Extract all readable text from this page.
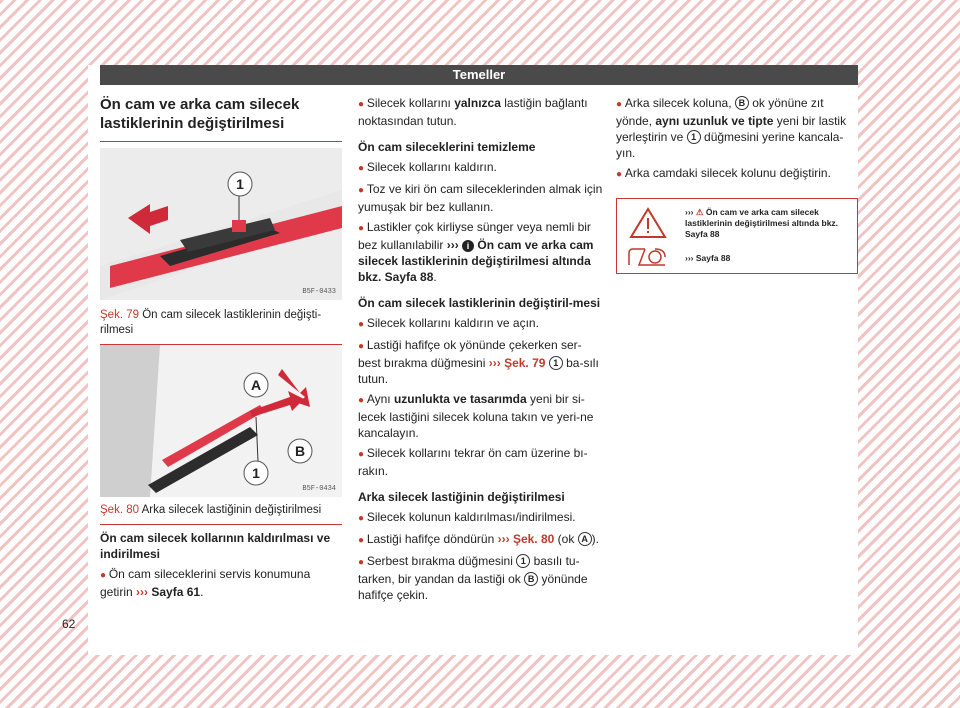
Temeller
Ön cam ve arka cam silecek lastiklerinin değiştirilmesi
1
B5F-0433
Şek. 79 Ön cam silecek lastiklerinin değişti-rilmesi
A
B
1
B5F-0434
Şek. 80 Arka silecek lastiğinin değiştirilmesi
Ön cam silecek kollarının kaldırılması ve indirilmesi
● Ön cam sileceklerini servis konumuna getirin ››› Sayfa 61.
● Silecek kollarını yalnızca lastiğin bağlantı noktasından tutun.
Ön cam sileceklerini temizleme
● Silecek kollarını kaldırın.
● Toz ve kiri ön cam sileceklerinden almak için yumuşak bir bez kullanın.
● Lastikler çok kirliyse sünger veya nemli bir bez kullanılabilir ››› i Ön cam ve arka cam silecek lastiklerinin değiştirilmesi altında bkz. Sayfa 88.
Ön cam silecek lastiklerinin değiştiril-mesi
● Silecek kollarını kaldırın ve açın.
● Lastiği hafifçe ok yönünde çekerken ser-best bırakma düğmesini ››› Şek. 79 1 ba-sılı tutun.
● Aynı uzunlukta ve tasarımda yeni bir si-lecek lastiğini silecek koluna takın ve yeri-ne kancalayın.
● Silecek kollarını tekrar ön cam üzerine bı-rakın.
Arka silecek lastiğinin değiştirilmesi
● Silecek kolunun kaldırılması/indirilmesi.
● Lastiği hafifçe döndürün ››› Şek. 80 (ok A ).
● Serbest bırakma düğmesini 1 basılı tu-tarken, bir yandan da lastiği ok B yönünde hafifçe çekin.
● Arka silecek koluna, B ok yönüne zıt yönde, aynı uzunluk ve tipte yeni bir lastik yerleştirin ve 1 düğmesini yerine kancala-yın.
● Arka camdaki silecek kolunu değiştirin.
››› ⚠ Ön cam ve arka cam silecek lastiklerinin değiştirilmesi altında bkz. Sayfa 88
››› Sayfa 88
62
